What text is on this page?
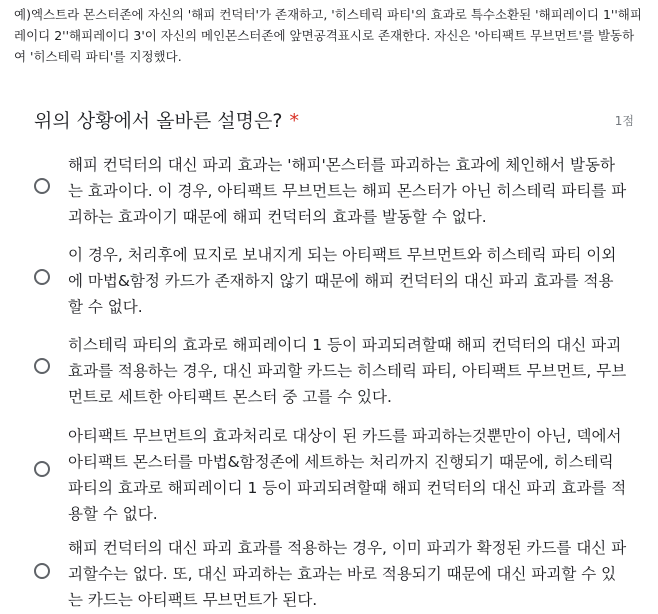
예)엑스트라 몬스터존에 자신의 '해피 컨덕터'가 존재하고, '히스테릭 파티'의 효과로 특수소환된 '해피레이디 1''해피레이디 2''해피레이디 3'이 자신의 메인몬스터존에 앞면공격표시로 존재한다. 자신은 '아티팩트 무브먼트'를 발동하여 '히스테릭 파티'를 지정했다.

위의 상황에서 올바른 설명은? *	1점
해피 컨덕터의 대신 파괴 효과는 '해피'몬스터를 파괴하는 효과에 체인해서 발동하는 효과이다. 이 경우, 아티팩트 무브먼트는 해피 몬스터가 아닌 히스테릭 파티를 파괴하는 효과이기 때문에 해피 컨덕터의 효과를 발동할 수 없다.
이 경우, 처리후에 묘지로 보내지게 되는 아티팩트 무브먼트와 히스테릭 파티 이외에 마법&함정 카드가 존재하지 않기 때문에 해피 컨덕터의 대신 파괴 효과를 적용할 수 없다.
히스테릭 파티의 효과로 해피레이디 1 등이 파괴되려할때 해피 컨덕터의 대신 파괴 효과를 적용하는 경우, 대신 파괴할 카드는 히스테릭 파티, 아티팩트 무브먼트, 무브먼트로 세트한 아티팩트 몬스터 중 고를 수 있다.
아티팩트 무브먼트의 효과처리로 대상이 된 카드를 파괴하는것뿐만이 아닌, 덱에서 아티팩트 몬스터를 마법&함정존에 세트하는 처리까지 진행되기 때문에, 히스테릭 파티의 효과로 해피레이디 1 등이 파괴되려할때 해피 컨덕터의 대신 파괴 효과를 적용할 수 없다.
해피 컨덕터의 대신 파괴 효과를 적용하는 경우, 이미 파괴가 확정된 카드를 대신 파괴할수는 없다. 또, 대신 파괴하는 효과는 바로 적용되기 때문에 대신 파괴할 수 있는 카드는 아티팩트 무브먼트가 된다.
